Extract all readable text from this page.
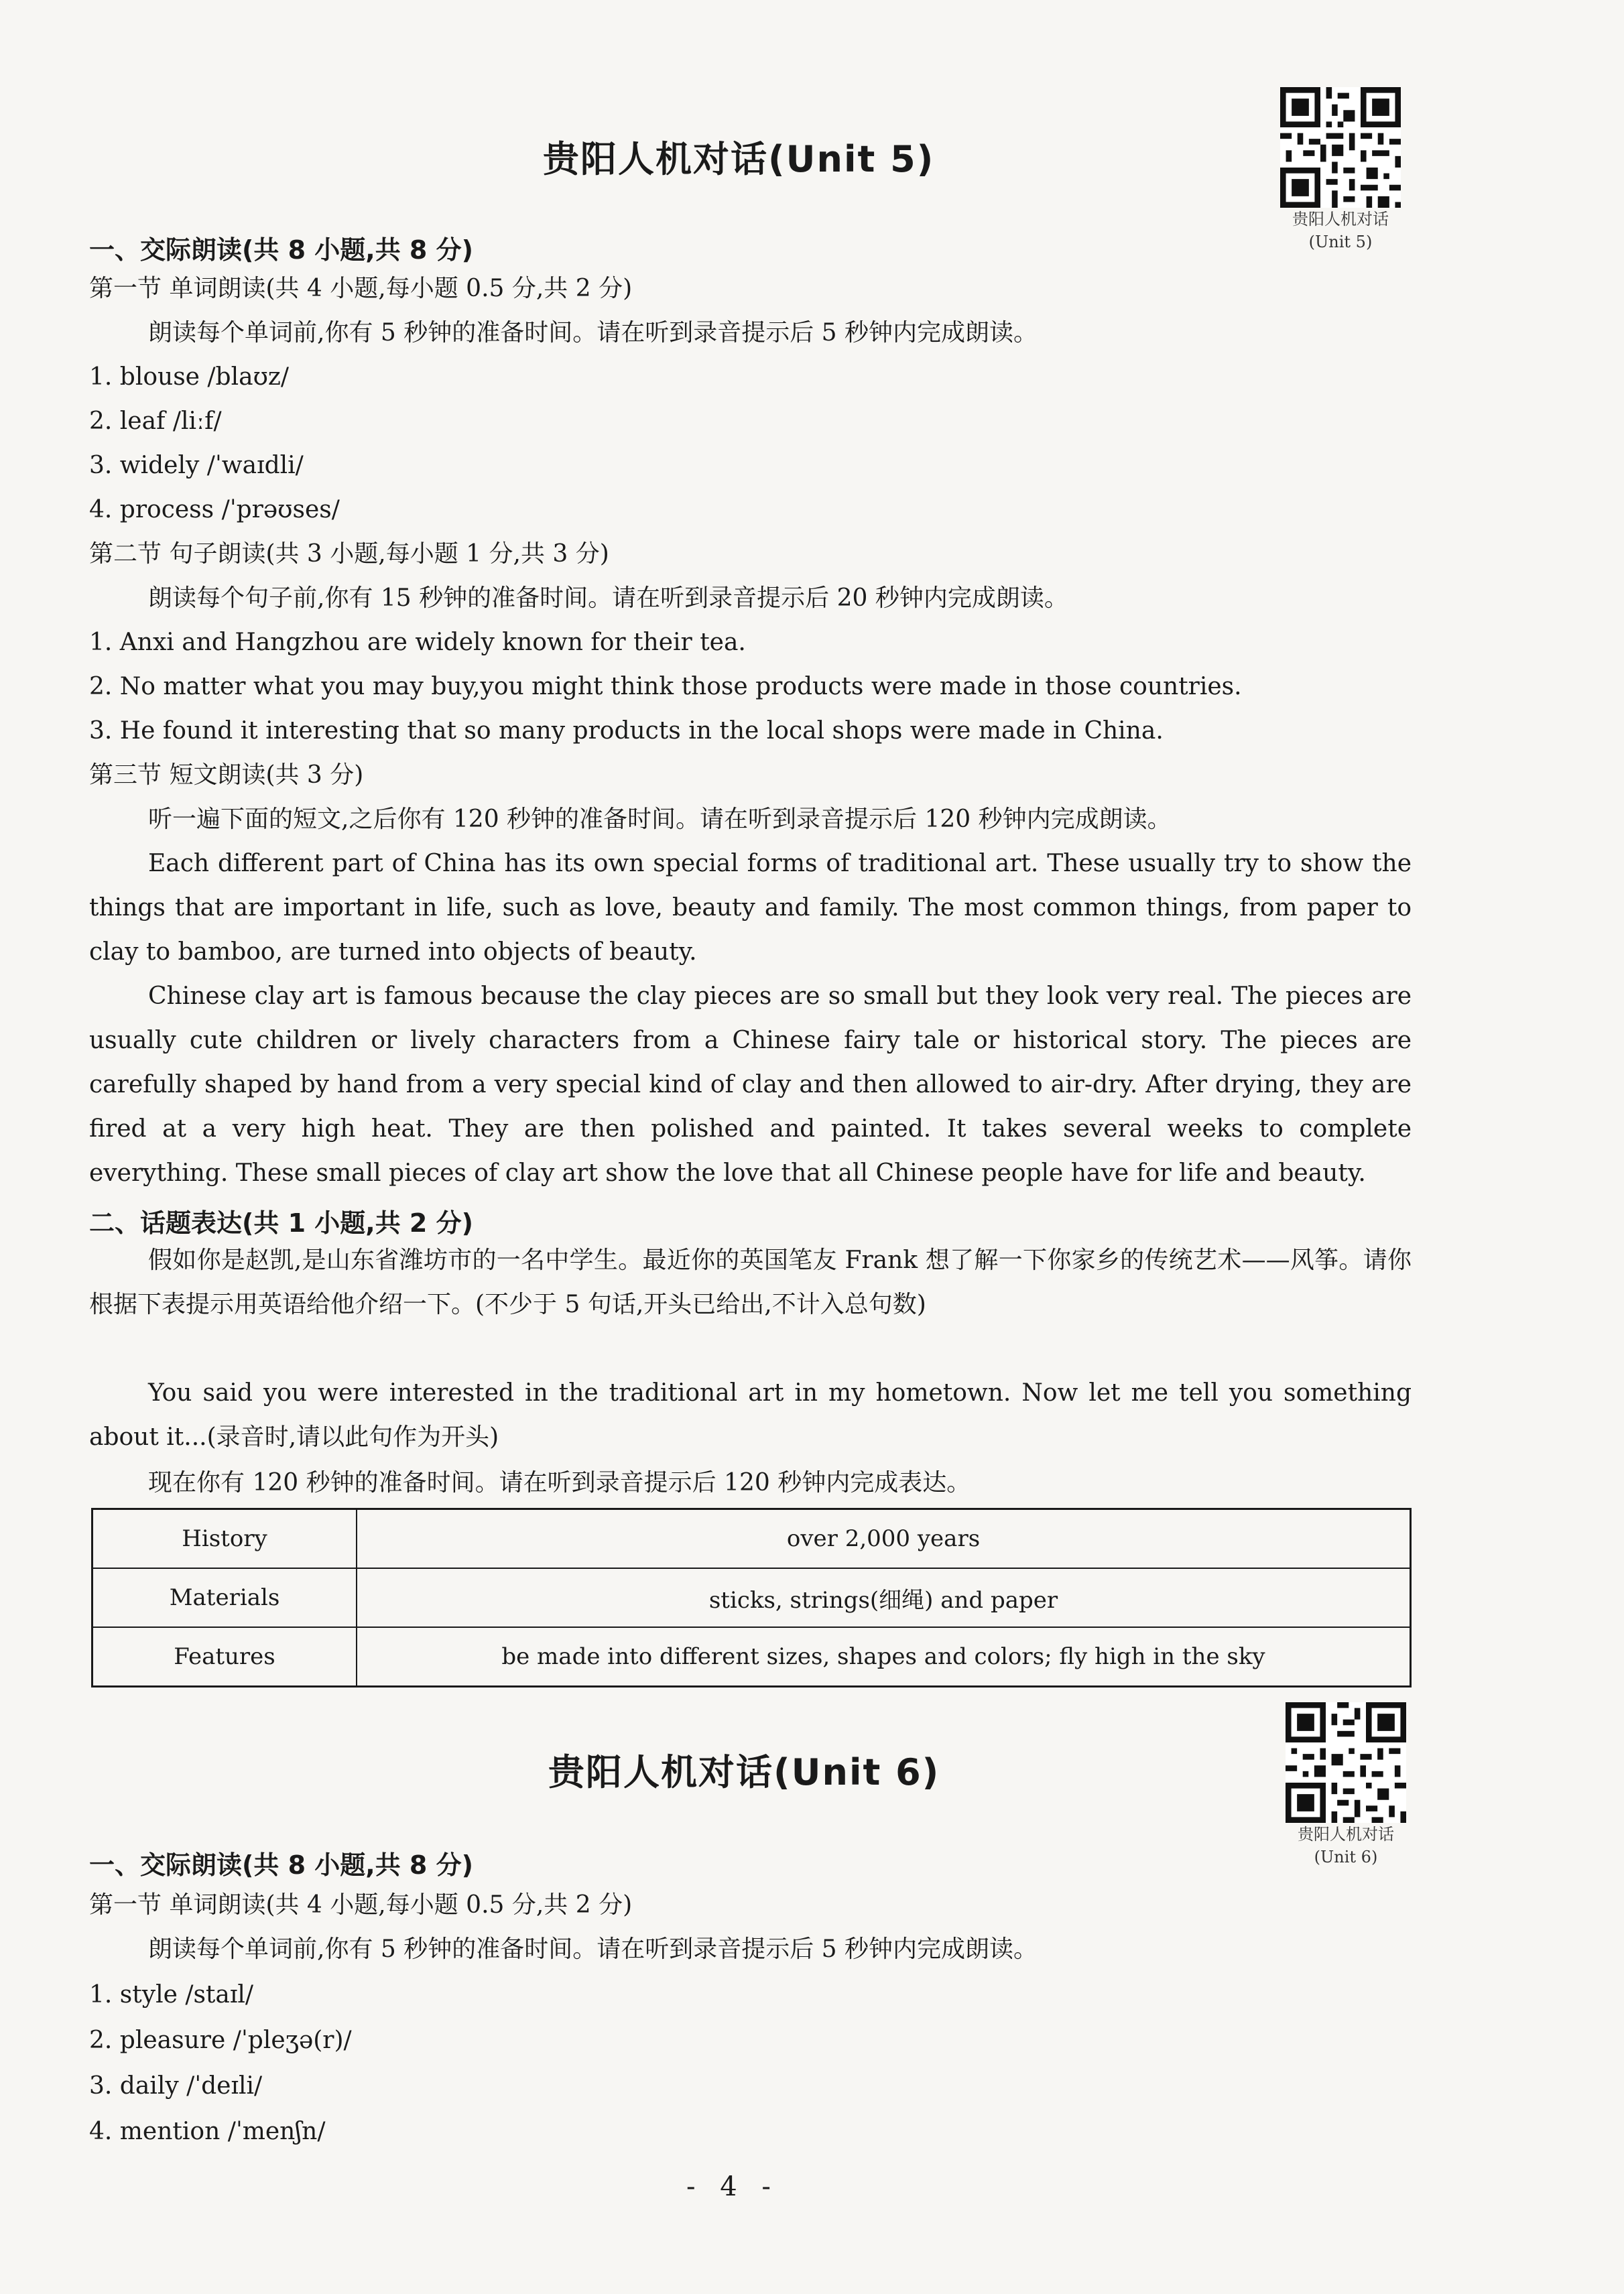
贵阳人机对话(Unit 5)
贵阳人机对话
(Unit 5)
一、交际朗读(共 8 小题,共 8 分)
第一节 单词朗读(共 4 小题,每小题 0.5 分,共 2 分)
朗读每个单词前,你有 5 秒钟的准备时间。请在听到录音提示后 5 秒钟内完成朗读。
1. blouse /blaʊz/
2. leaf /liːf/
3. widely /ˈwaɪdli/
4. process /ˈprəʊses/
第二节 句子朗读(共 3 小题,每小题 1 分,共 3 分)
朗读每个句子前,你有 15 秒钟的准备时间。请在听到录音提示后 20 秒钟内完成朗读。
1. Anxi and Hangzhou are widely known for their tea.
2. No matter what you may buy,you might think those products were made in those countries.
3. He found it interesting that so many products in the local shops were made in China.
第三节 短文朗读(共 3 分)
听一遍下面的短文,之后你有 120 秒钟的准备时间。请在听到录音提示后 120 秒钟内完成朗读。
Each different part of China has its own special forms of traditional art. These usually try to show the things that are important in life, such as love, beauty and family. The most common things, from paper to clay to bamboo, are turned into objects of beauty.
Chinese clay art is famous because the clay pieces are so small but they look very real. The pieces are usually cute children or lively characters from a Chinese fairy tale or historical story. The pieces are carefully shaped by hand from a very special kind of clay and then allowed to air-dry. After drying, they are fired at a very high heat. They are then polished and painted. It takes several weeks to complete everything. These small pieces of clay art show the love that all Chinese people have for life and beauty.
二、话题表达(共 1 小题,共 2 分)
假如你是赵凯,是山东省潍坊市的一名中学生。最近你的英国笔友 Frank 想了解一下你家乡的传统艺术——风筝。请你根据下表提示用英语给他介绍一下。(不少于 5 句话,开头已给出,不计入总句数)
You said you were interested in the traditional art in my hometown. Now let me tell you something about it...(录音时,请以此句作为开头)
现在你有 120 秒钟的准备时间。请在听到录音提示后 120 秒钟内完成表达。
History	over 2,000 years
Materials	sticks, strings(细绳) and paper
Features	be made into different sizes, shapes and colors; fly high in the sky
贵阳人机对话(Unit 6)
贵阳人机对话
(Unit 6)
一、交际朗读(共 8 小题,共 8 分)
第一节 单词朗读(共 4 小题,每小题 0.5 分,共 2 分)
朗读每个单词前,你有 5 秒钟的准备时间。请在听到录音提示后 5 秒钟内完成朗读。
1. style /staɪl/
2. pleasure /ˈpleʒə(r)/
3. daily /ˈdeɪli/
4. mention /ˈmenʃn/
- 4 -
